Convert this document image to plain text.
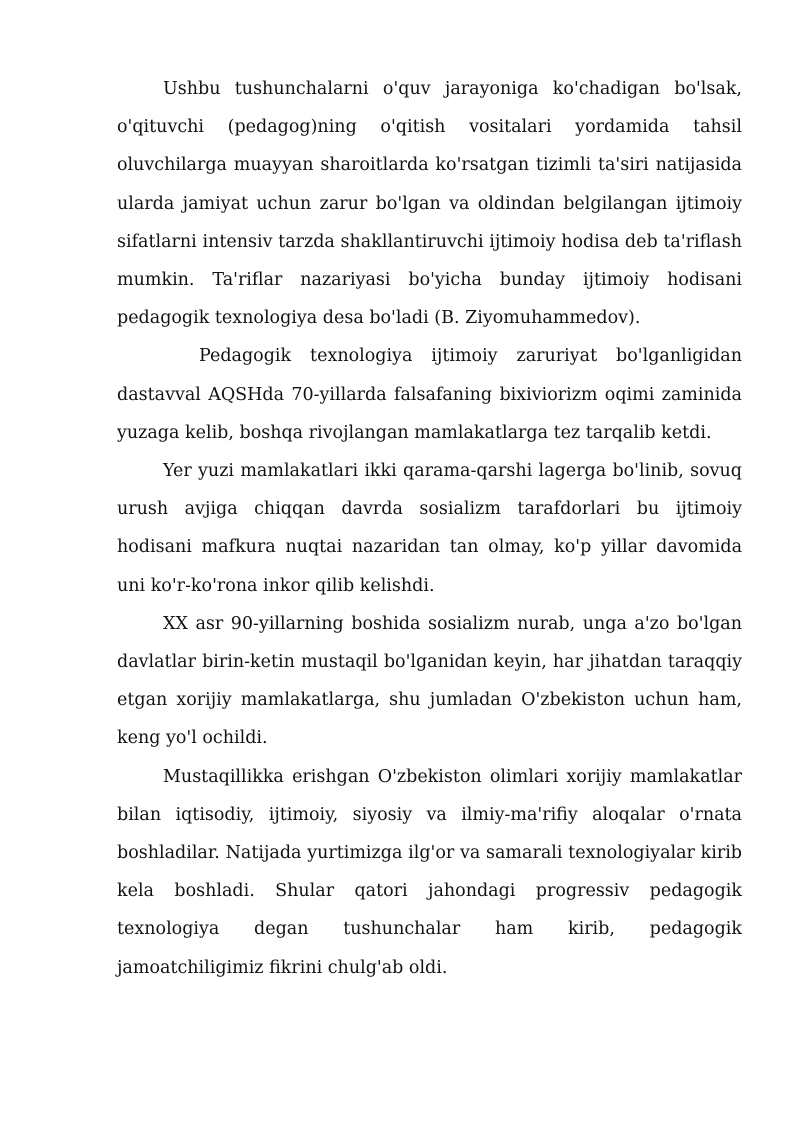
Ushbu tushunchalarni o'quv jarayoniga ko'chadigan bo'lsak, o'qituvchi (pedagog)ning o'qitish vositalari yordamida tahsil oluvchilarga muayyan sharoitlarda ko'rsatgan tizimli ta'siri natijasida ularda jamiyat uchun zarur bo'lgan va oldindan belgilangan ijtimoiy sifatlarni intensiv tarzda shakllantiruvchi ijtimoiy hodisa deb ta'riflash mumkin. Ta'riflar nazariyasi bo'yicha bunday ijtimoiy hodisani pedagogik texnologiya desa bo'ladi (B. Ziyomuhammedov).

Pedagogik texnologiya ijtimoiy zaruriyat bo'lganligidan dastavval AQSHda 70-yillarda falsafaning bixiviorizm oqimi zaminida yuzaga kelib, boshqa rivojlangan mamlakatlarga tez tarqalib ketdi.

Yer yuzi mamlakatlari ikki qarama-qarshi lagerga bo'linib, sovuq urush avjiga chiqqan davrda sosializm tarafdorlari bu ijtimoiy hodisani mafkura nuqtai nazaridan tan olmay, ko'p yillar davomida uni ko'r-ko'rona inkor qilib kelishdi.

XX asr 90-yillarning boshida sosializm nurab, unga a'zo bo'lgan davlatlar birin-ketin mustaqil bo'lganidan keyin, har jihatdan taraqqiy etgan xorijiy mamlakatlarga, shu jumladan O'zbekiston uchun ham, keng yo'l ochildi.

Mustaqillikka erishgan O'zbekiston olimlari xorijiy mamlakatlar bilan iqtisodiy, ijtimoiy, siyosiy va ilmiy-ma'rifiy aloqalar o'rnata boshladilar. Natijada yurtimizga ilg'or va samarali texnologiyalar kirib kela boshladi. Shular qatori jahondagi progressiv pedagogik texnologiya degan tushunchalar ham kirib, pedagogik jamoatchiligimiz fikrini chulg'ab oldi.
